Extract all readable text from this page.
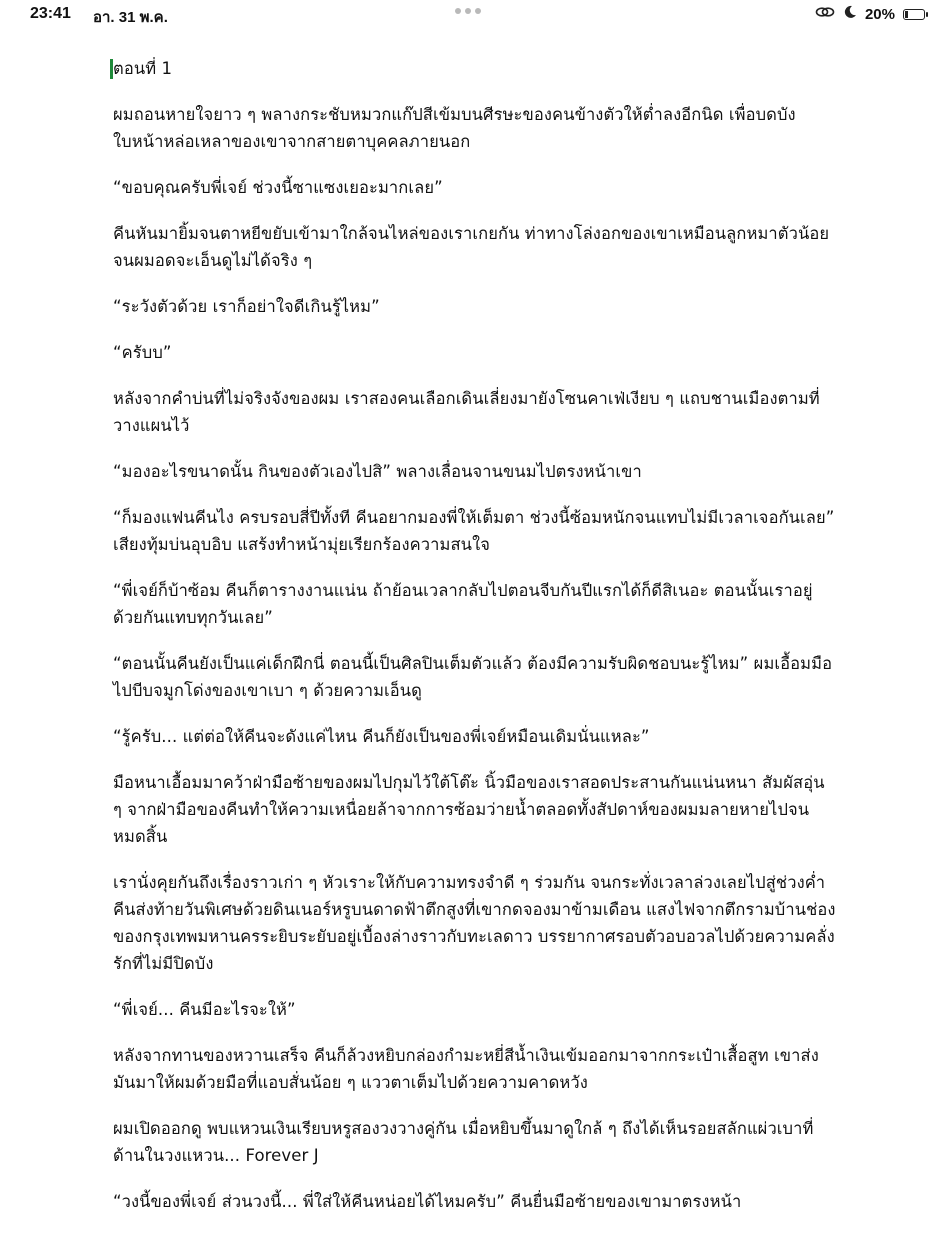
23:41 อา. 31 พ.ค.	20%

ตอนที่ 1

ผมถอนหายใจยาว ๆ พลางกระชับหมวกแก๊ปสีเข้มบนศีรษะของคนข้างตัวให้ต่ำลงอีกนิด เพื่อบดบังใบหน้าหล่อเหลาของเขาจากสายตาบุคคลภายนอก

“ขอบคุณครับพี่เจย์ ช่วงนี้ซาแซงเยอะมากเลย”

คีนหันมายิ้มจนตาหยีขยับเข้ามาใกล้จนไหล่ของเราเกยกัน ท่าทางโล่งอกของเขาเหมือนลูกหมาตัวน้อยจนผมอดจะเอ็นดูไม่ได้จริง ๆ

“ระวังตัวด้วย เราก็อย่าใจดีเกินรู้ไหม”

“ครับบ”

หลังจากคำบ่นที่ไม่จริงจังของผม เราสองคนเลือกเดินเลี่ยงมายังโซนคาเฟ่เงียบ ๆ แถบชานเมืองตามที่วางแผนไว้

“มองอะไรขนาดนั้น กินของตัวเองไปสิ” พลางเลื่อนจานขนมไปตรงหน้าเขา

“ก็มองแฟนคีนไง ครบรอบสี่ปีทั้งที คีนอยากมองพี่ให้เต็มตา ช่วงนี้ซ้อมหนักจนแทบไม่มีเวลาเจอกันเลย” เสียงทุ้มบ่นอุบอิบ แสร้งทำหน้ามุ่ยเรียกร้องความสนใจ

“พี่เจย์ก็บ้าซ้อม คีนก็ตารางงานแน่น ถ้าย้อนเวลากลับไปตอนจีบกันปีแรกได้ก็ดีสิเนอะ ตอนนั้นเราอยู่ด้วยกันแทบทุกวันเลย”

“ตอนนั้นคีนยังเป็นแค่เด็กฝึกนี่ ตอนนี้เป็นศิลปินเต็มตัวแล้ว ต้องมีความรับผิดชอบนะรู้ไหม” ผมเอื้อมมือไปบีบจมูกโด่งของเขาเบา ๆ ด้วยความเอ็นดู

“รู้ครับ... แต่ต่อให้คีนจะดังแค่ไหน คีนก็ยังเป็นของพี่เจย์หมือนเดิมนั่นแหละ”

มือหนาเอื้อมมาคว้าฝ่ามือซ้ายของผมไปกุมไว้ใต้โต๊ะ นิ้วมือของเราสอดประสานกันแน่นหนา สัมผัสอุ่น ๆ จากฝ่ามือของคีนทำให้ความเหนื่อยล้าจากการซ้อมว่ายน้ำตลอดทั้งสัปดาห์ของผมมลายหายไปจนหมดสิ้น

เรานั่งคุยกันถึงเรื่องราวเก่า ๆ หัวเราะให้กับความทรงจำดี ๆ ร่วมกัน จนกระทั่งเวลาล่วงเลยไปสู่ช่วงค่ำ คีนส่งท้ายวันพิเศษด้วยดินเนอร์หรูบนดาดฟ้าตึกสูงที่เขากดจองมาข้ามเดือน แสงไฟจากตึกรามบ้านช่องของกรุงเทพมหานครระยิบระยับอยู่เบื้องล่างราวกับทะเลดาว บรรยากาศรอบตัวอบอวลไปด้วยความคลั่งรักที่ไม่มีปิดบัง

“พี่เจย์... คีนมีอะไรจะให้”

หลังจากทานของหวานเสร็จ คีนก็ล้วงหยิบกล่องกำมะหยี่สีน้ำเงินเข้มออกมาจากกระเป๋าเสื้อสูท เขาส่งมันมาให้ผมด้วยมือที่แอบสั่นน้อย ๆ แววตาเต็มไปด้วยความคาดหวัง

ผมเปิดออกดู พบแหวนเงินเรียบหรูสองวงวางคู่กัน เมื่อหยิบขึ้นมาดูใกล้ ๆ ถึงได้เห็นรอยสลักแผ่วเบาที่ด้านในวงแหวน... Forever J

“วงนี้ของพี่เจย์ ส่วนวงนี้... พี่ใส่ให้คีนหน่อยได้ไหมครับ” คีนยื่นมือซ้ายของเขามาตรงหน้า
